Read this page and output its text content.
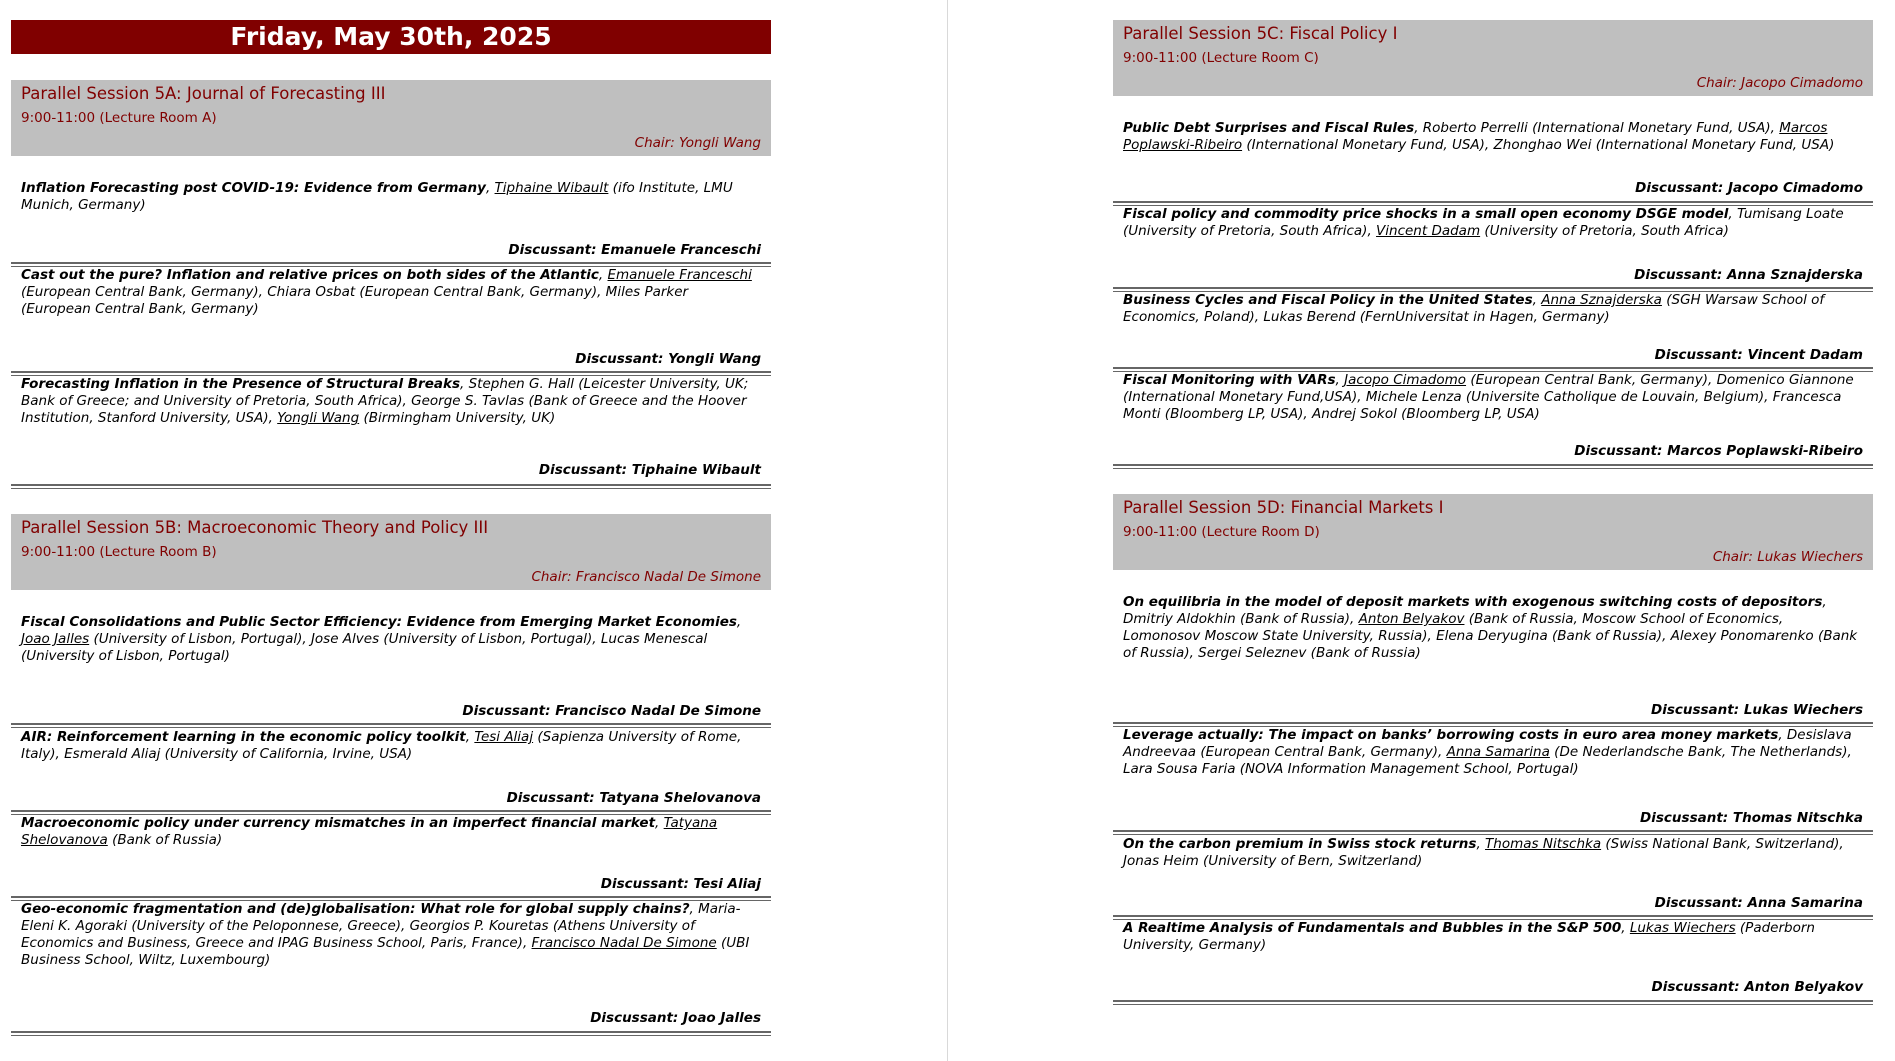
Friday, May 30th, 2025
Parallel Session 5A: Journal of Forecasting III
9:00-11:00 (Lecture Room A)
Chair: Yongli Wang
Inflation Forecasting post COVID-19: Evidence from Germany, Tiphaine Wibault (ifo Institute, LMU Munich, Germany)
Discussant: Emanuele Franceschi
Cast out the pure? Inflation and relative prices on both sides of the Atlantic, Emanuele Franceschi (European Central Bank, Germany), Chiara Osbat (European Central Bank, Germany), Miles Parker (European Central Bank, Germany)
Discussant: Yongli Wang
Forecasting Inflation in the Presence of Structural Breaks, Stephen G. Hall (Leicester University, UK; Bank of Greece; and University of Pretoria, South Africa), George S. Tavlas (Bank of Greece and the Hoover Institution, Stanford University, USA), Yongli Wang (Birmingham University, UK)
Discussant: Tiphaine Wibault
Parallel Session 5B: Macroeconomic Theory and Policy III
9:00-11:00 (Lecture Room B)
Chair: Francisco Nadal De Simone
Fiscal Consolidations and Public Sector Efficiency: Evidence from Emerging Market Economies, Joao Jalles (University of Lisbon, Portugal), Jose Alves (University of Lisbon, Portugal), Lucas Menescal (University of Lisbon, Portugal)
Discussant: Francisco Nadal De Simone
AIR: Reinforcement learning in the economic policy toolkit, Tesi Aliaj (Sapienza University of Rome, Italy), Esmerald Aliaj (University of California, Irvine, USA)
Discussant: Tatyana Shelovanova
Macroeconomic policy under currency mismatches in an imperfect financial market, Tatyana Shelovanova (Bank of Russia)
Discussant: Tesi Aliaj
Geo-economic fragmentation and (de)globalisation: What role for global supply chains?, Maria-Eleni K. Agoraki (University of the Peloponnese, Greece), Georgios P. Kouretas (Athens University of Economics and Business, Greece and IPAG Business School, Paris, France), Francisco Nadal De Simone (UBI Business School, Wiltz, Luxembourg)
Discussant: Joao Jalles
Parallel Session 5C: Fiscal Policy I
9:00-11:00 (Lecture Room C)
Chair: Jacopo Cimadomo
Public Debt Surprises and Fiscal Rules, Roberto Perrelli (International Monetary Fund, USA), Marcos Poplawski-Ribeiro (International Monetary Fund, USA), Zhonghao Wei (International Monetary Fund, USA)
Discussant: Jacopo Cimadomo
Fiscal policy and commodity price shocks in a small open economy DSGE model, Tumisang Loate (University of Pretoria, South Africa), Vincent Dadam (University of Pretoria, South Africa)
Discussant: Anna Sznajderska
Business Cycles and Fiscal Policy in the United States, Anna Sznajderska (SGH Warsaw School of Economics, Poland), Lukas Berend (FernUniversitat in Hagen, Germany)
Discussant: Vincent Dadam
Fiscal Monitoring with VARs, Jacopo Cimadomo (European Central Bank, Germany), Domenico Giannone (International Monetary Fund,USA), Michele Lenza (Universite Catholique de Louvain, Belgium), Francesca Monti (Bloomberg LP, USA), Andrej Sokol (Bloomberg LP, USA)
Discussant: Marcos Poplawski-Ribeiro
Parallel Session 5D: Financial Markets I
9:00-11:00 (Lecture Room D)
Chair: Lukas Wiechers
On equilibria in the model of deposit markets with exogenous switching costs of depositors, Dmitriy Aldokhin (Bank of Russia), Anton Belyakov (Bank of Russia, Moscow School of Economics, Lomonosov Moscow State University, Russia), Elena Deryugina (Bank of Russia), Alexey Ponomarenko (Bank of Russia), Sergei Seleznev (Bank of Russia)
Discussant: Lukas Wiechers
Leverage actually: The impact on banks’ borrowing costs in euro area money markets, Desislava Andreevaa (European Central Bank, Germany), Anna Samarina (De Nederlandsche Bank, The Netherlands), Lara Sousa Faria (NOVA Information Management School, Portugal)
Discussant: Thomas Nitschka
On the carbon premium in Swiss stock returns, Thomas Nitschka (Swiss National Bank, Switzerland), Jonas Heim (University of Bern, Switzerland)
Discussant: Anna Samarina
A Realtime Analysis of Fundamentals and Bubbles in the S&P 500, Lukas Wiechers (Paderborn University, Germany)
Discussant: Anton Belyakov
